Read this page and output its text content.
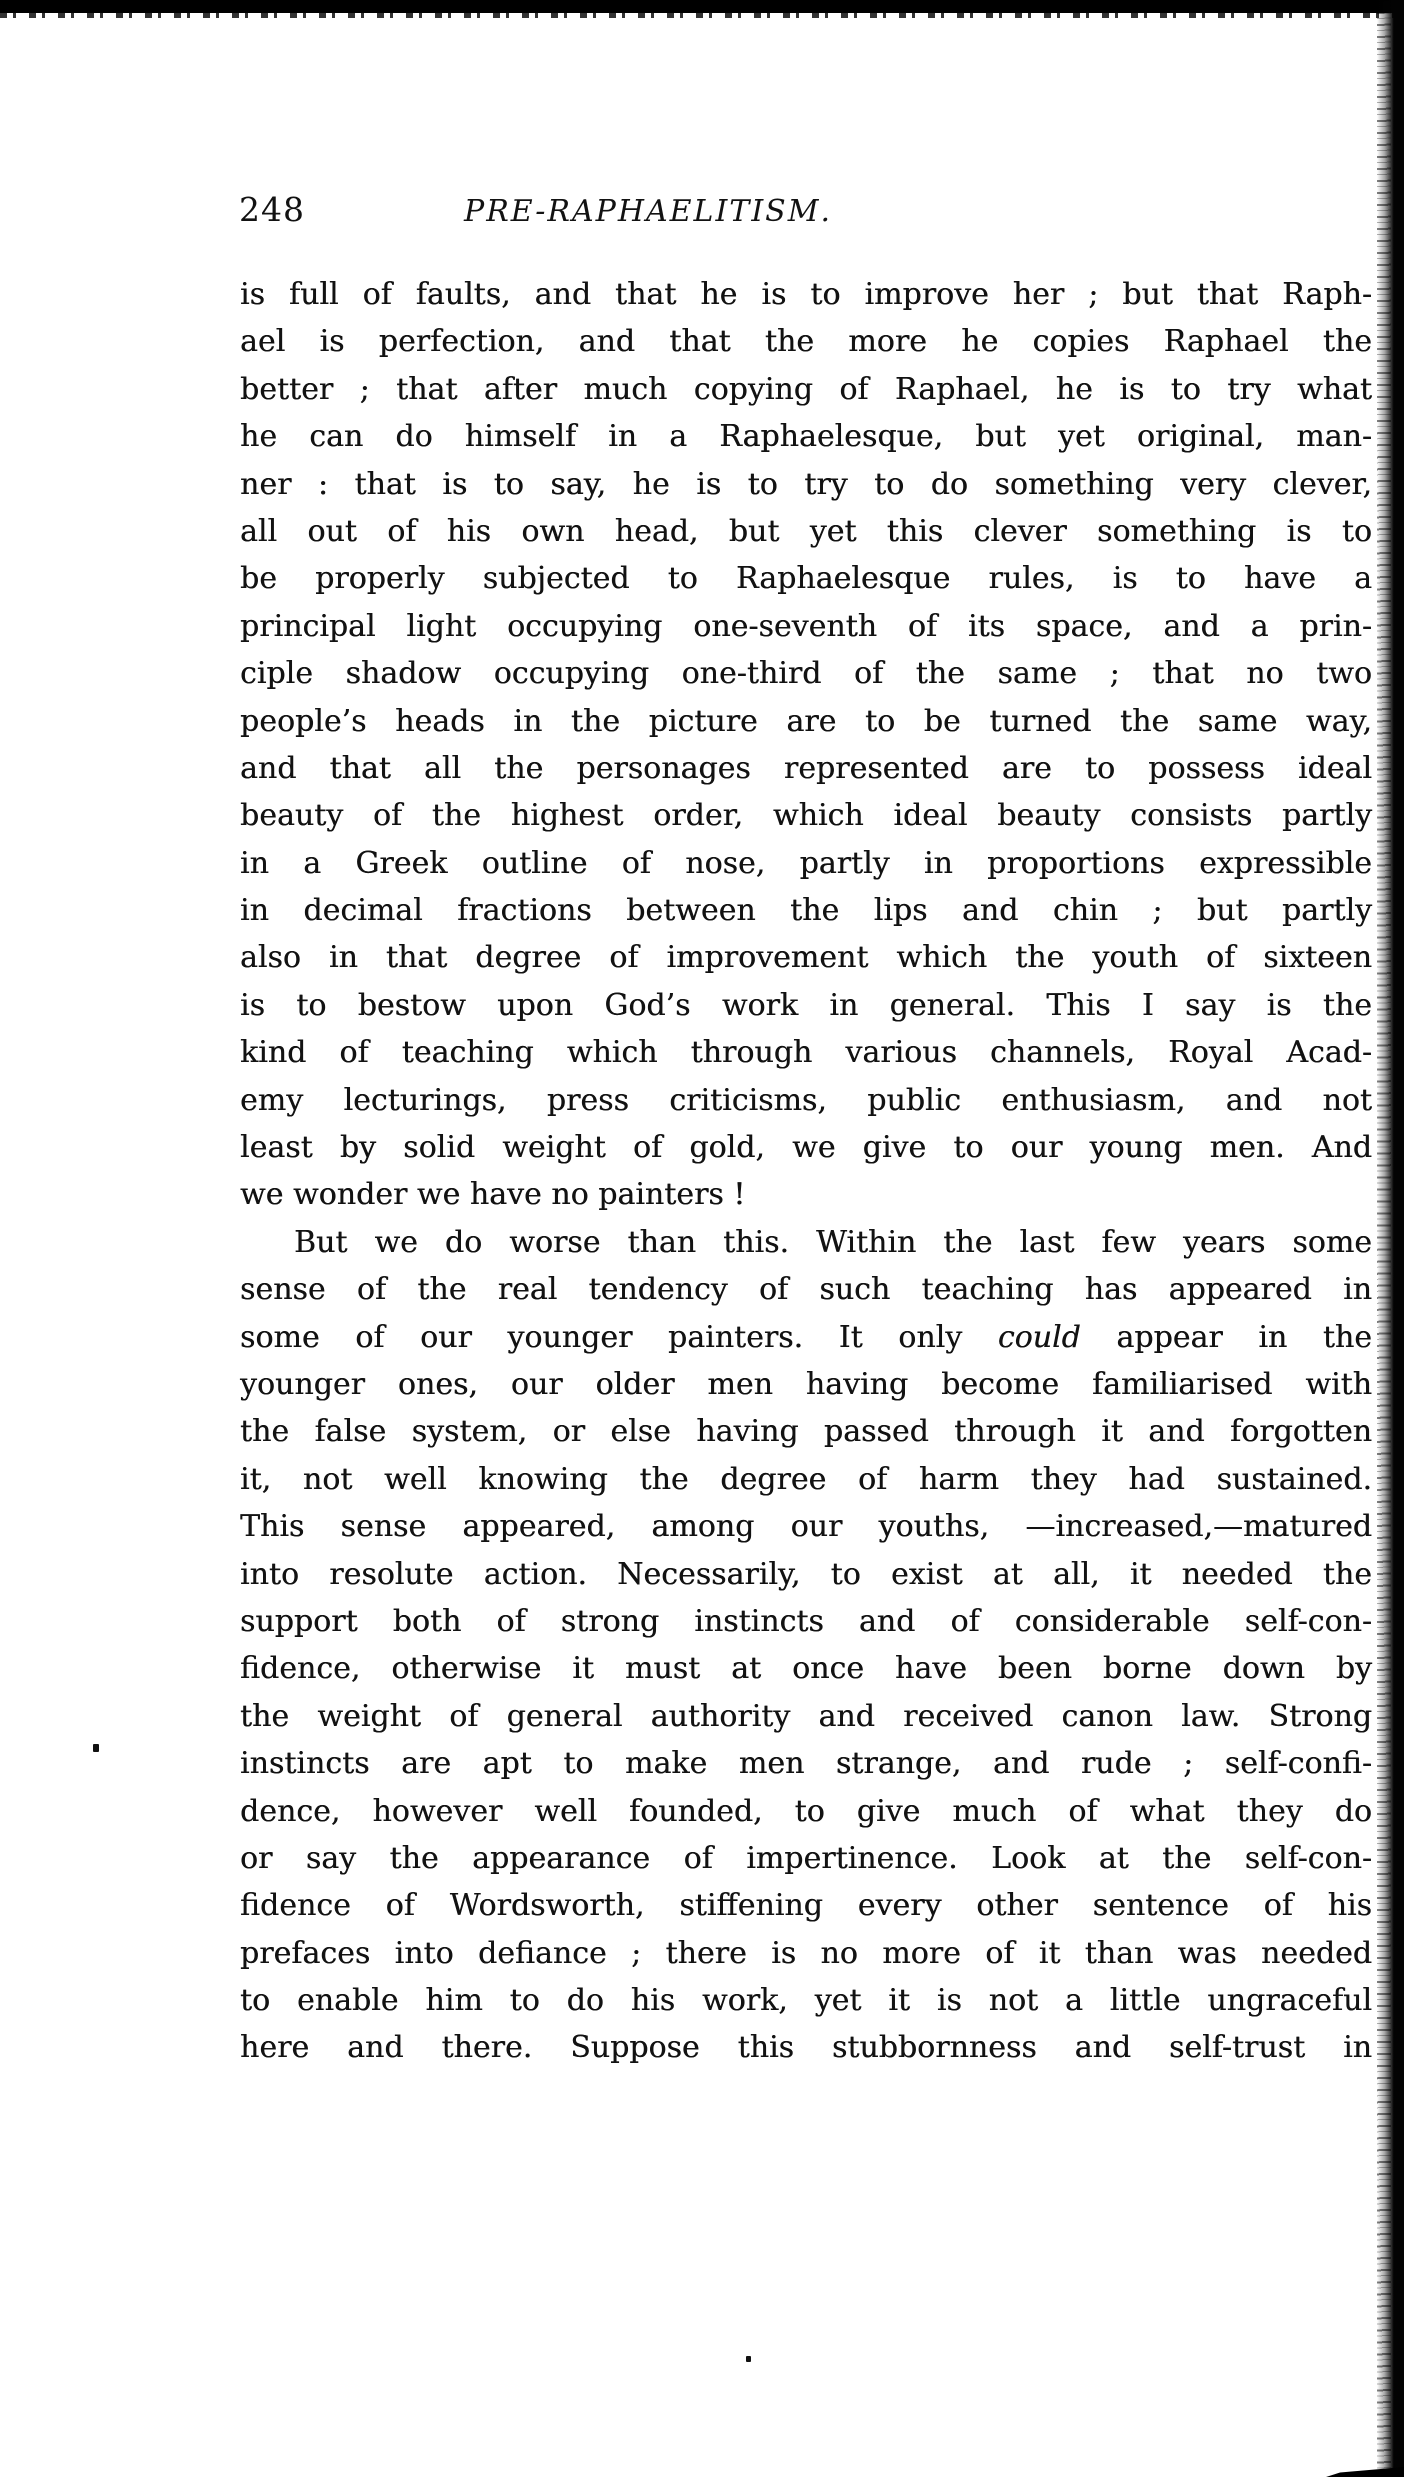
248	PRE-RAPHAELITISM.
is full of faults, and that he is to improve her ; but that Raph-
ael is perfection, and that the more he copies Raphael the
better ; that after much copying of Raphael, he is to try what
he can do himself in a Raphaelesque, but yet original, man-
ner : that is to say, he is to try to do something very clever,
all out of his own head, but yet this clever something is to
be properly subjected to Raphaelesque rules, is to have a
principal light occupying one-seventh of its space, and a prin-
ciple shadow occupying one-third of the same ; that no two
people’s heads in the picture are to be turned the same way,
and that all the personages represented are to possess ideal
beauty of the highest order, which ideal beauty consists partly
in a Greek outline of nose, partly in proportions expressible
in decimal fractions between the lips and chin ; but partly
also in that degree of improvement which the youth of sixteen
is to bestow upon God’s work in general. This I say is the
kind of teaching which through various channels, Royal Acad-
emy lecturings, press criticisms, public enthusiasm, and not
least by solid weight of gold, we give to our young men. And
we wonder we have no painters !
But we do worse than this. Within the last few years some
sense of the real tendency of such teaching has appeared in
some of our younger painters. It only could appear in the
younger ones, our older men having become familiarised with
the false system, or else having passed through it and forgotten
it, not well knowing the degree of harm they had sustained.
This sense appeared, among our youths, —increased,—matured
into resolute action. Necessarily, to exist at all, it needed the
support both of strong instincts and of considerable self-con-
fidence, otherwise it must at once have been borne down by
the weight of general authority and received canon law. Strong
instincts are apt to make men strange, and rude ; self-confi-
dence, however well founded, to give much of what they do
or say the appearance of impertinence. Look at the self-con-
fidence of Wordsworth, stiffening every other sentence of his
prefaces into defiance ; there is no more of it than was needed
to enable him to do his work, yet it is not a little ungraceful
here and there. Suppose this stubbornness and self-trust in
